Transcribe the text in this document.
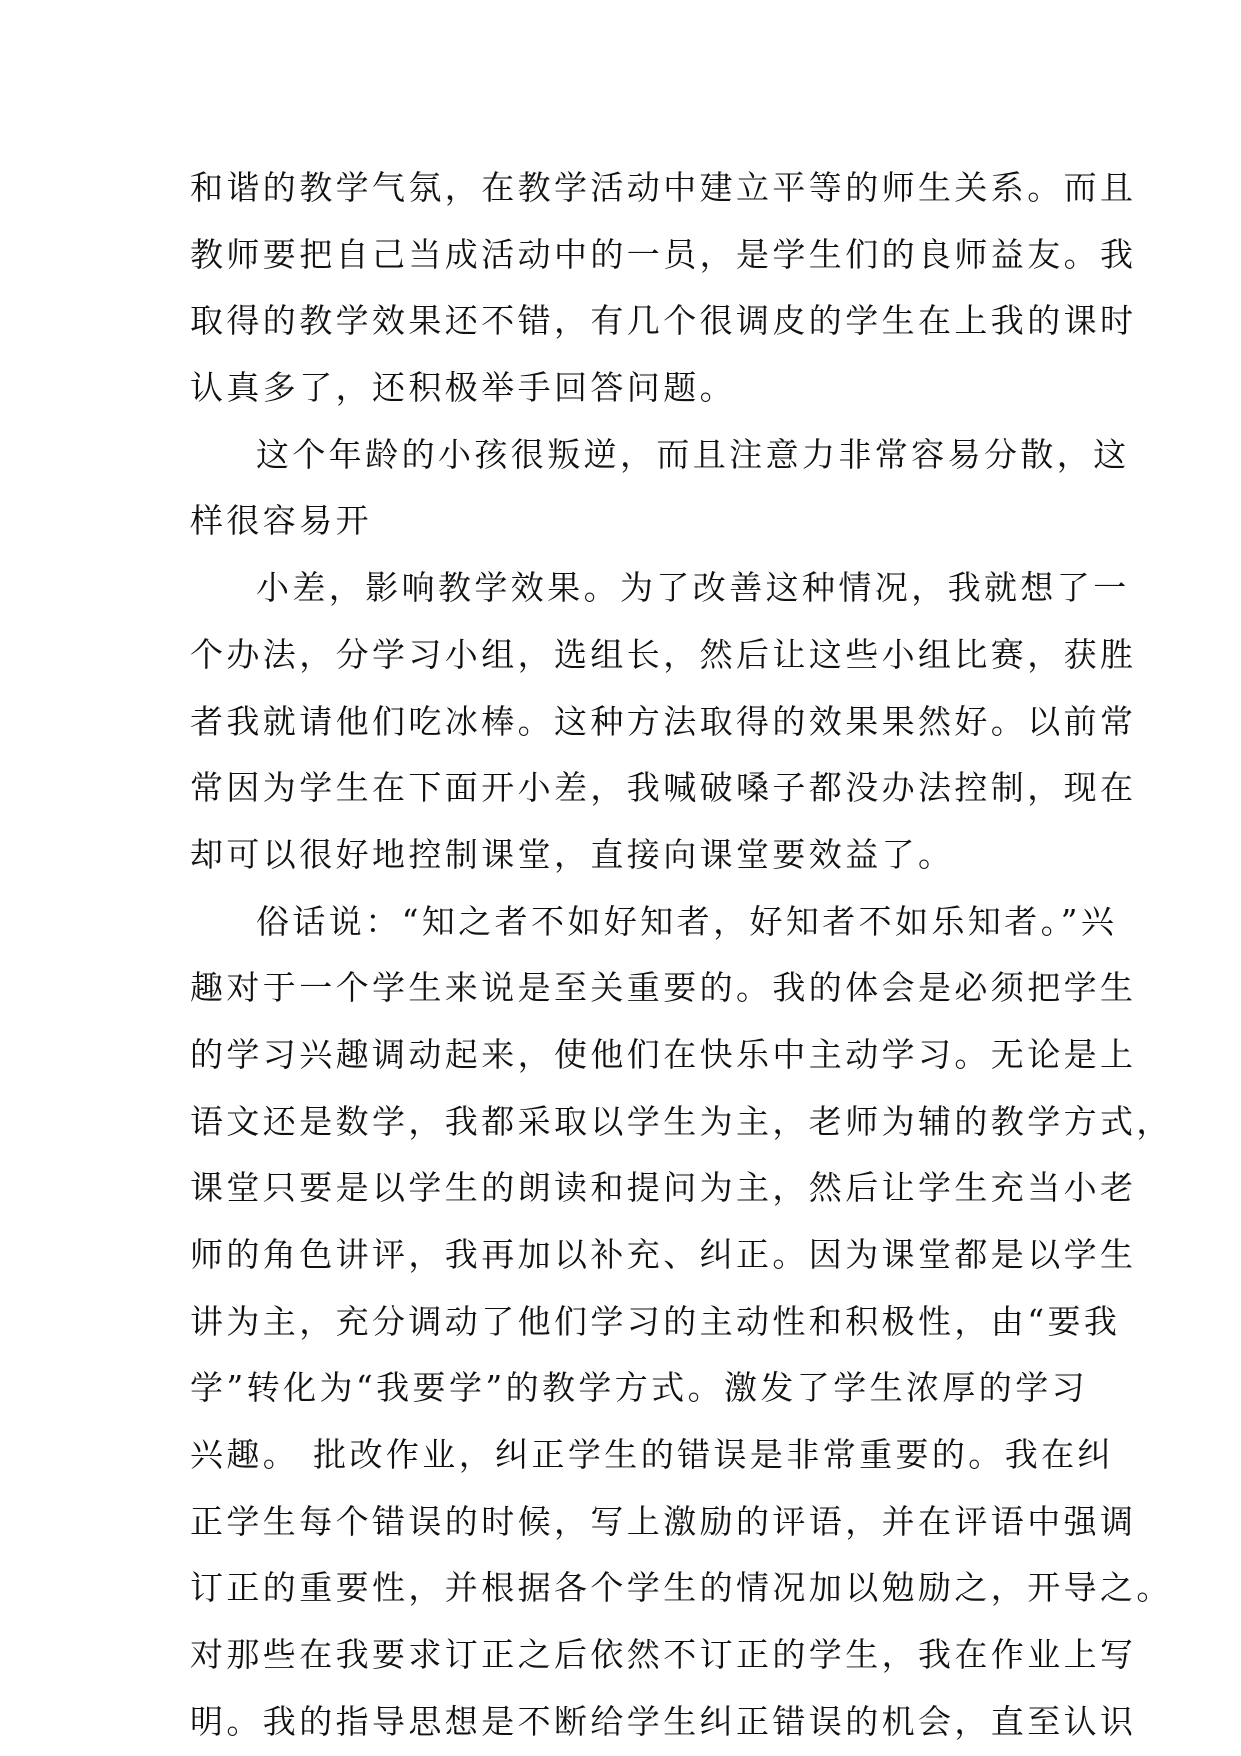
和谐的教学气氛，在教学活动中建立平等的师生关系。而且
教师要把自己当成活动中的一员，是学生们的良师益友。我
取得的教学效果还不错，有几个很调皮的学生在上我的课时
认真多了，还积极举手回答问题。
这个年龄的小孩很叛逆，而且注意力非常容易分散，这
样很容易开
小差，影响教学效果。为了改善这种情况，我就想了一
个办法，分学习小组，选组长，然后让这些小组比赛，获胜
者我就请他们吃冰棒。这种方法取得的效果果然好。以前常
常因为学生在下面开小差，我喊破嗓子都没办法控制，现在
却可以很好地控制课堂，直接向课堂要效益了。
俗话说：“知之者不如好知者，好知者不如乐知者。”兴
趣对于一个学生来说是至关重要的。我的体会是必须把学生
的学习兴趣调动起来，使他们在快乐中主动学习。无论是上
语文还是数学，我都采取以学生为主，老师为辅的教学方式，
课堂只要是以学生的朗读和提问为主，然后让学生充当小老
师的角色讲评，我再加以补充、纠正。因为课堂都是以学生
讲为主，充分调动了他们学习的主动性和积极性，由“要我
学”转化为“我要学”的教学方式。激发了学生浓厚的学习
兴趣。 批改作业，纠正学生的错误是非常重要的。我在纠
正学生每个错误的时候，写上激励的评语，并在评语中强调
订正的重要性，并根据各个学生的情况加以勉励之，开导之。
对那些在我要求订正之后依然不订正的学生，我在作业上写
明。我的指导思想是不断给学生纠正错误的机会，直至认识
